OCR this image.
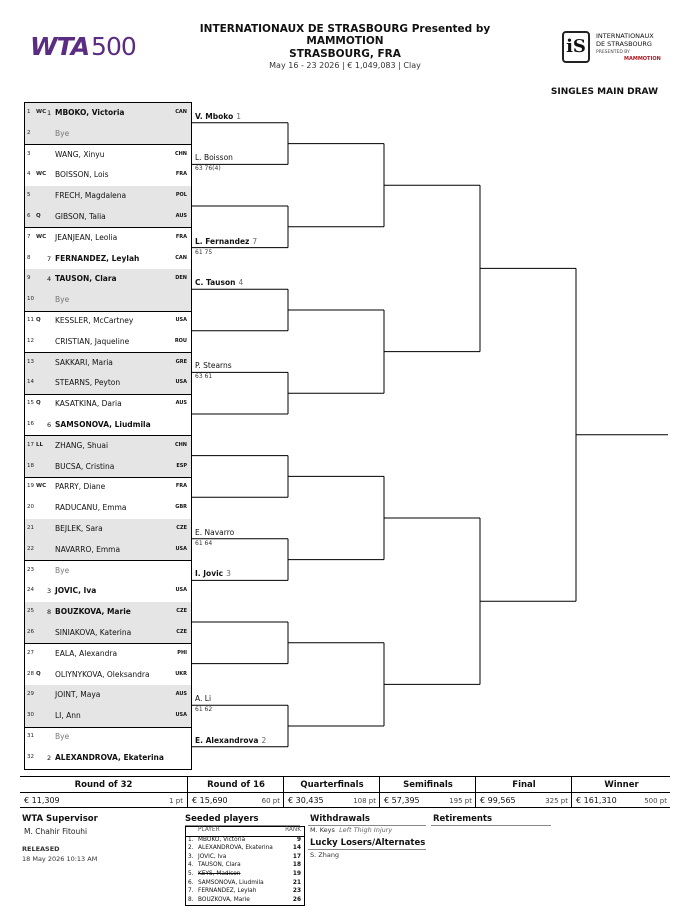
WTA500
INTERNATIONAUX DE STRASBOURG Presented by
MAMMOTION
STRASBOURG, FRA
May 16 - 23 2026 | € 1,049,083 | Clay
iS	INTERNATIONAUX
DE STRASBOURG
PRESENTED BY
MAMMOTION
SINGLES MAIN DRAW
1 WC 1 MBOKO, Victoria	CAN
2	Bye
3	WANG, Xinyu	CHN
4 WC BOISSON, Lois	FRA
5	FRECH, Magdalena	POL
6 Q GIBSON, Talia	AUS
7 WC JEANJEAN, Leolia	FRA
8	7 FERNANDEZ, Leylah	CAN
9	4 TAUSON, Clara	DEN
10	Bye
11 Q KESSLER, McCartney	USA
12	CRISTIAN, Jaqueline	ROU
13	SAKKARI, Maria	GRE
14	STEARNS, Peyton	USA
15 Q KASATKINA, Daria	AUS
16 6 SAMSONOVA, Liudmila
17 LL ZHANG, Shuai	CHN
18	BUCSA, Cristina	ESP
19 WC PARRY, Diane	FRA
20	RADUCANU, Emma	GBR
21	BEJLEK, Sara	CZE
22	NAVARRO, Emma	USA
23	Bye
24 3 JOVIC, Iva	USA
25 8 BOUZKOVA, Marie	CZE
26	SINIAKOVA, Katerina	CZE
27	EALA, Alexandra	PHI
28 Q OLIYNYKOVA, Oleksandra	UKR
29	JOINT, Maya	AUS
30	LI, Ann	USA
31	Bye
32 2 ALEXANDROVA, Ekaterina
Round of 32
€ 11,309	1 pt
Round of 16
€ 15,690	60 pt
Quarterfinals
€ 30,435	108 pt
Semifinals
€ 57,395	195 pt
Final
€ 99,565	325 pt
Winner
€ 161,310	500 pt
WTA Supervisor
M. Chahir Fitouhi
RELEASED
18 May 2026 10:13 AM
Seeded players
PLAYER	RANK
1. MBOKO, Victoria	9
2. ALEXANDROVA, Ekaterina	14
3. JOVIC, Iva	17
4. TAUSON, Clara	18
5. KEYS, Madison	19
6. SAMSONOVA, Liudmila	21
7. FERNANDEZ, Leylah	23
8. BOUZKOVA, Marie	26
Withdrawals
M. Keys Left Thigh Injury
Lucky Losers/Alternates
S. Zhang
Retirements
V. Mboko 1
L. Boisson
63 76(4)
L. Fernandez 7
61 75
C. Tauson 4
P. Stearns
63 61
E. Navarro
61 64
I. Jovic 3
A. Li
61 62
E. Alexandrova 2
